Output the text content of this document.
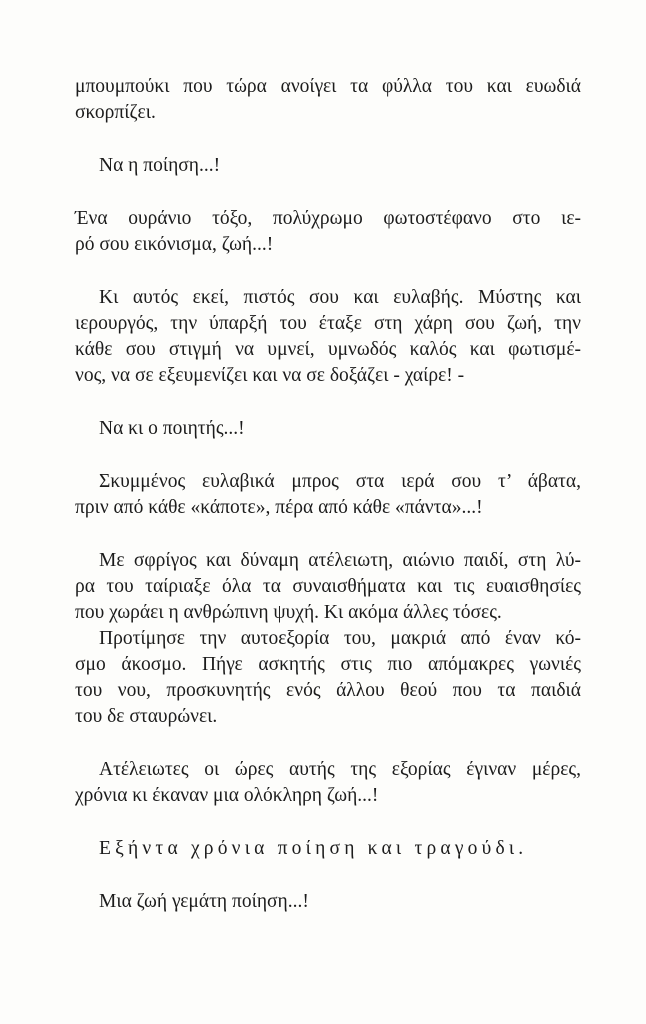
μπουμπούκι που τώρα ανοίγει τα φύλλα του και ευωδιά
σκορπίζει.
Να η ποίηση...!
Ένα ουράνιο τόξο, πολύχρωμο φωτοστέφανο στο ιε-
ρό σου εικόνισμα, ζωή...!
Κι αυτός εκεί, πιστός σου και ευλαβής. Μύστης και
ιερουργός, την ύπαρξή του έταξε στη χάρη σου ζωή, την
κάθε σου στιγμή να υμνεί, υμνωδός καλός και φωτισμέ-
νος, να σε εξευμενίζει και να σε δοξάζει - χαίρε! -
Να κι ο ποιητής...!
Σκυμμένος ευλαβικά μπρος στα ιερά σου τ’ άβατα,
πριν από κάθε «κάποτε», πέρα από κάθε «πάντα»...!
Με σφρίγος και δύναμη ατέλειωτη, αιώνιο παιδί, στη λύ-
ρα του ταίριαξε όλα τα συναισθήματα και τις ευαισθησίες
που χωράει η ανθρώπινη ψυχή. Κι ακόμα άλλες τόσες.
Προτίμησε την αυτοεξορία του, μακριά από έναν κό-
σμο άκοσμο. Πήγε ασκητής στις πιο απόμακρες γωνιές
του νου, προσκυνητής ενός άλλου θεού που τα παιδιά
του δε σταυρώνει.
Ατέλειωτες οι ώρες αυτής της εξορίας έγιναν μέρες,
χρόνια κι έκαναν μια ολόκληρη ζωή...!
Εξήντα χρόνια ποίηση και τραγούδι.
Μια ζωή γεμάτη ποίηση...!
